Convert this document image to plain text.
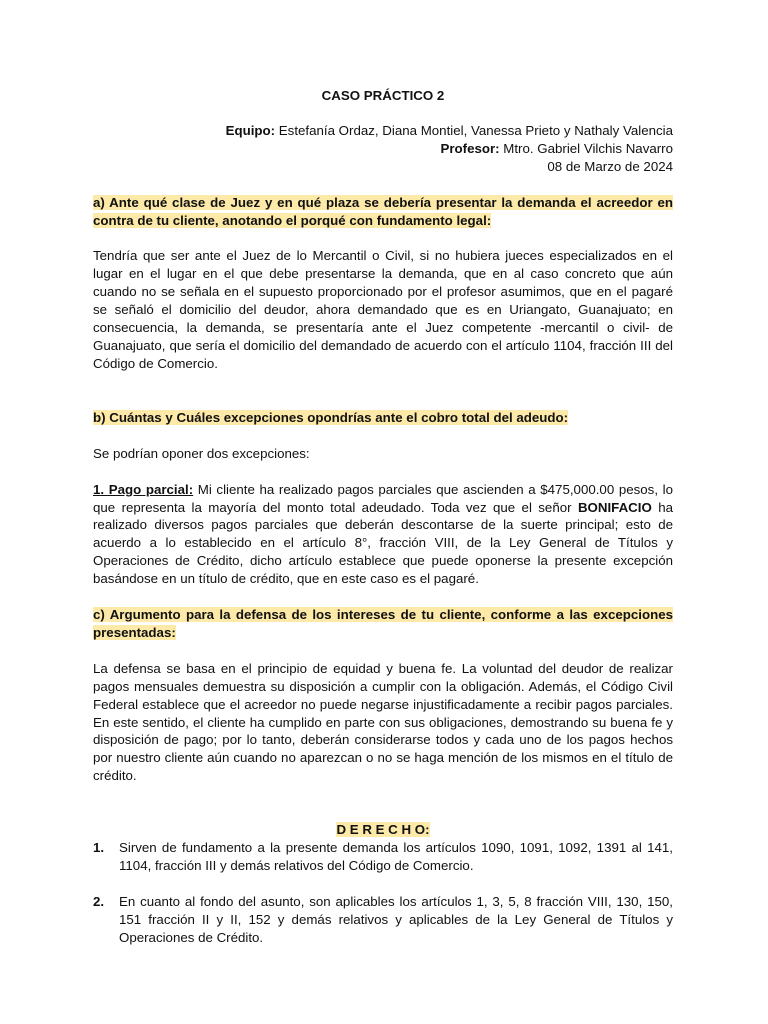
CASO PRÁCTICO 2
Equipo: Estefanía Ordaz, Diana Montiel, Vanessa Prieto y Nathaly Valencia
Profesor: Mtro. Gabriel Vilchis Navarro
08 de Marzo de 2024

a) Ante qué clase de Juez y en qué plaza se debería presentar la demanda el acreedor en contra de tu cliente, anotando el porqué con fundamento legal:

Tendría que ser ante el Juez de lo Mercantil o Civil, si no hubiera jueces especializados en el lugar en el lugar en el que debe presentarse la demanda, que en al caso concreto que aún cuando no se señala en el supuesto proporcionado por el profesor asumimos, que en el pagaré se señaló el domicilio del deudor, ahora demandado que es en Uriangato, Guanajuato; en consecuencia, la demanda, se presentaría ante el Juez competente -mercantil o civil- de Guanajuato, que sería el domicilio del demandado de acuerdo con el artículo 1104, fracción III del Código de Comercio.

b) Cuántas y Cuáles excepciones opondrías ante el cobro total del adeudo:

Se podrían oponer dos excepciones:

1. Pago parcial: Mi cliente ha realizado pagos parciales que ascienden a $475,000.00 pesos, lo que representa la mayoría del monto total adeudado. Toda vez que el señor BONIFACIO ha realizado diversos pagos parciales que deberán descontarse de la suerte principal; esto de acuerdo a lo establecido en el artículo 8°, fracción VIII, de la Ley General de Títulos y Operaciones de Crédito, dicho artículo establece que puede oponerse la presente excepción basándose en un título de crédito, que en este caso es el pagaré.

c) Argumento para la defensa de los intereses de tu cliente, conforme a las excepciones presentadas:

La defensa se basa en el principio de equidad y buena fe. La voluntad del deudor de realizar pagos mensuales demuestra su disposición a cumplir con la obligación. Además, el Código Civil Federal establece que el acreedor no puede negarse injustificadamente a recibir pagos parciales. En este sentido, el cliente ha cumplido en parte con sus obligaciones, demostrando su buena fe y disposición de pago; por lo tanto, deberán considerarse todos y cada uno de los pagos hechos por nuestro cliente aún cuando no aparezcan o no se haga mención de los mismos en el título de crédito.

D E R E C H O:
1.	Sirven de fundamento a la presente demanda los artículos 1090, 1091, 1092, 1391 al 141, 1104, fracción III y demás relativos del Código de Comercio.
2.	En cuanto al fondo del asunto, son aplicables los artículos 1, 3, 5, 8 fracción VIII, 130, 150, 151 fracción II y II, 152 y demás relativos y aplicables de la Ley General de Títulos y Operaciones de Crédito.
